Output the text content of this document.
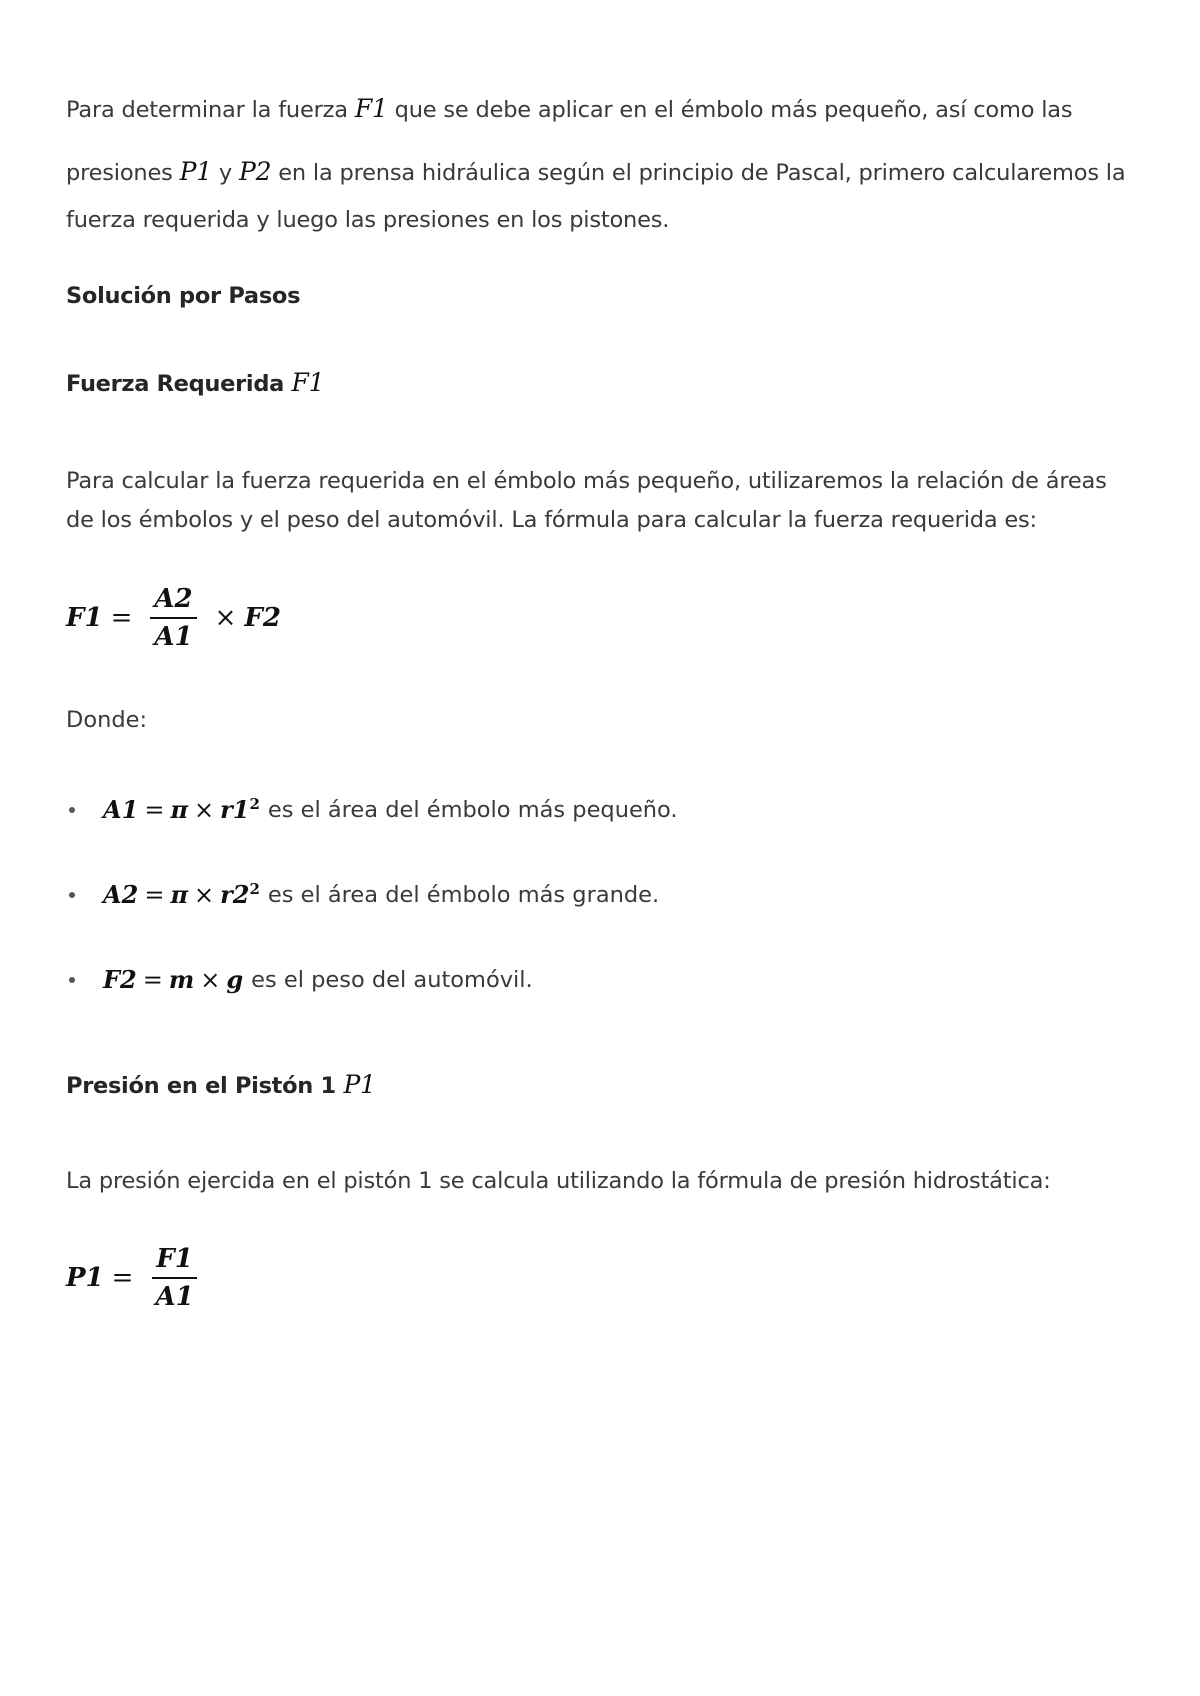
Para determinar la fuerza F1 que se debe aplicar en el émbolo más pequeño, así como las
presiones P1 y P2 en la prensa hidráulica según el principio de Pascal, primero calcularemos la
fuerza requerida y luego las presiones en los pistones.

Solución por Pasos
Fuerza Requerida F1

Para calcular la fuerza requerida en el émbolo más pequeño, utilizaremos la relación de áreas
de los émbolos y el peso del automóvil. La fórmula para calcular la fuerza requerida es:

$F1 = \frac{A2}{A1} \times F2$

Donde:

$A1 = \pi \times r1^2$ es el área del émbolo más pequeño.
$A2 = \pi \times r2^2$ es el área del émbolo más grande.
F2 = m × g es el peso del automóvil.
Presión en el Pistón 1 P1

La presión ejercida en el pistón 1 se calcula utilizando la fórmula de presión hidrostática:

$P1 = \frac{F1}{A1}$
